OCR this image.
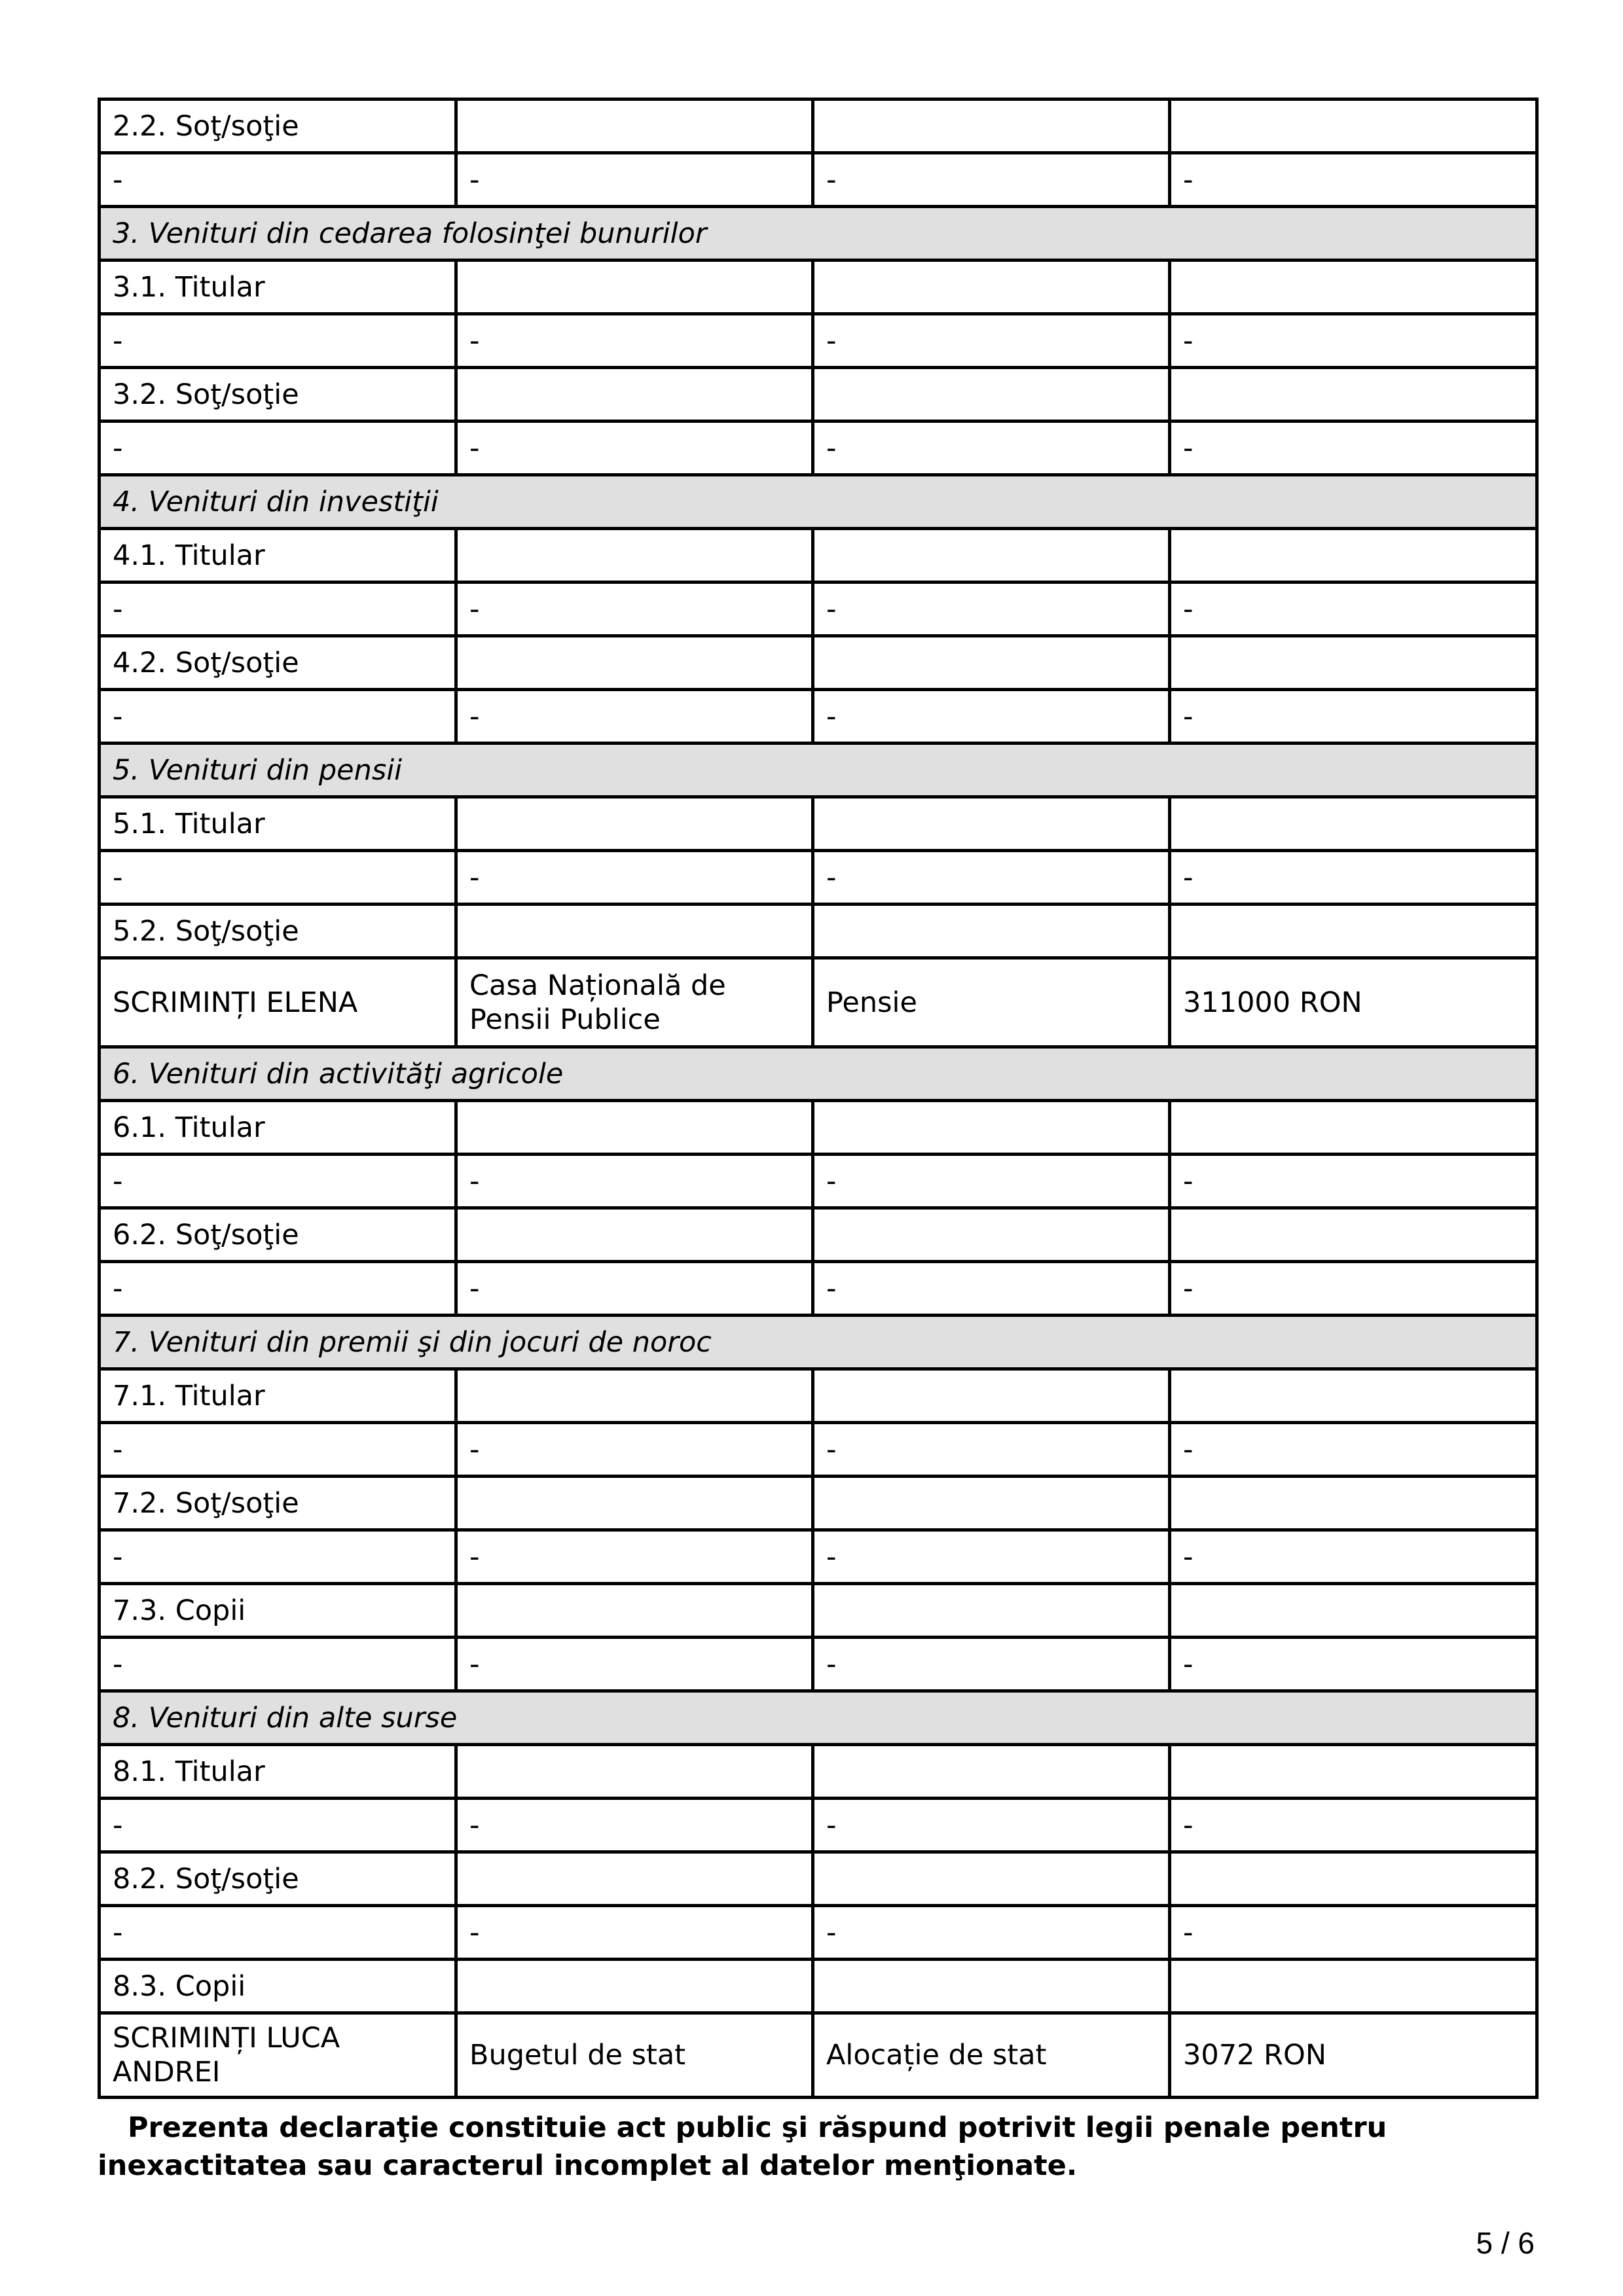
2.2. Soţ/soţie			
-	-	-	-
3. Venituri din cedarea folosinţei bunurilor			
3.1. Titular			
-	-	-	-
3.2. Soţ/soţie			
-	-	-	-
4. Venituri din investiţii			
4.1. Titular			
-	-	-	-
4.2. Soţ/soţie			
-	-	-	-
5. Venituri din pensii			
5.1. Titular			
-	-	-	-
5.2. Soţ/soţie			
SCRIMINȚI ELENA	Casa Națională de Pensii Publice	Pensie	311000 RON
6. Venituri din activităţi agricole			
6.1. Titular			
-	-	-	-
6.2. Soţ/soţie			
-	-	-	-
7. Venituri din premii şi din jocuri de noroc			
7.1. Titular			
-	-	-	-
7.2. Soţ/soţie			
-	-	-	-
7.3. Copii			
-	-	-	-
8. Venituri din alte surse			
8.1. Titular			
-	-	-	-
8.2. Soţ/soţie			
-	-	-	-
8.3. Copii			
SCRIMINȚI LUCA ANDREI	Bugetul de stat	Alocație de stat	3072 RON

Prezenta declaraţie constituie act public şi răspund potrivit legii penale pentru inexactitatea sau caracterul incomplet al datelor menţionate.

5 / 6
